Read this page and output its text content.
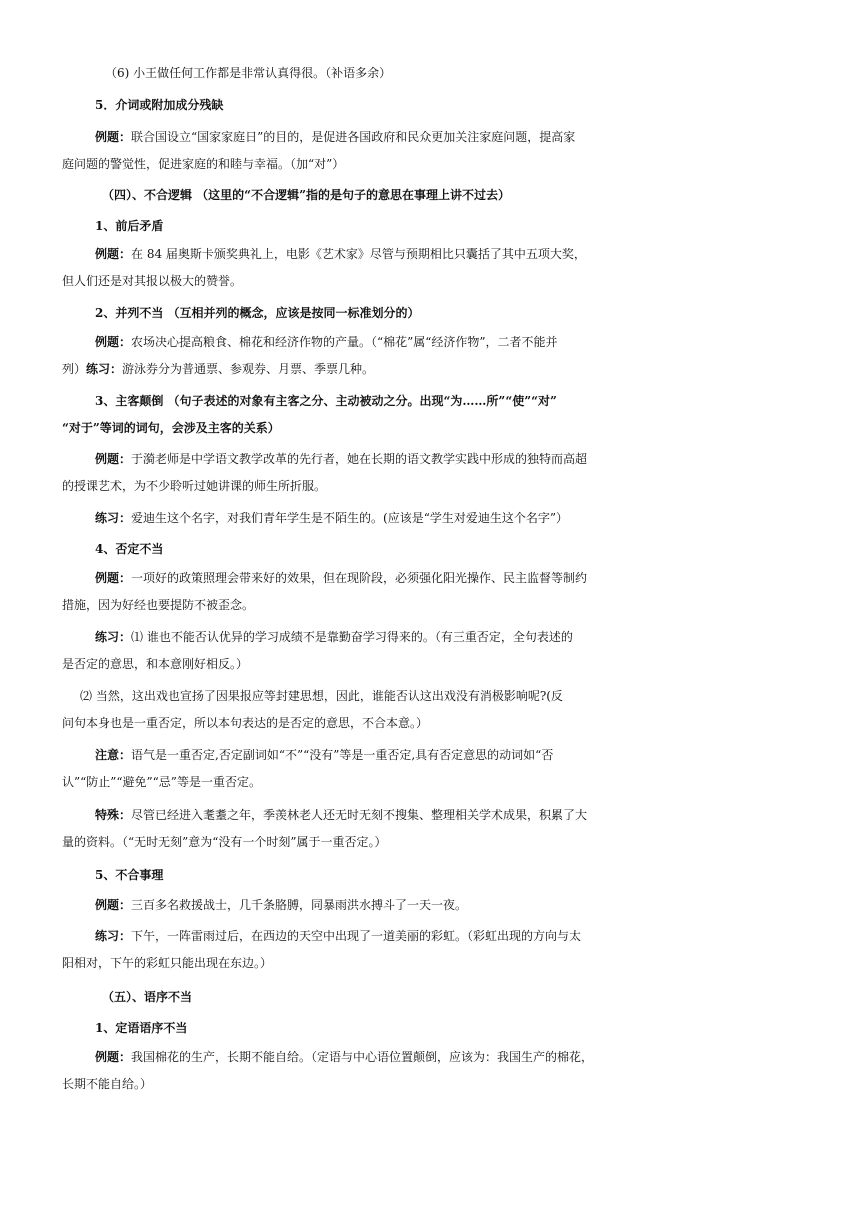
（6) 小王做任何工作都是非常认真得很。（补语多余）
5．介词或附加成分残缺
例题：联合国设立“国家家庭日”的目的，是促进各国政府和民众更加关注家庭问题，提高家
庭问题的警觉性，促进家庭的和睦与幸福。（加“对”）
（四）、不合逻辑 （这里的“不合逻辑”指的是句子的意思在事理上讲不过去）
1、前后矛盾
例题：在 84 届奥斯卡颁奖典礼上，电影《艺术家》尽管与预期相比只囊括了其中五项大奖，
但人们还是对其报以极大的赞誉。
2、并列不当 （互相并列的概念，应该是按同一标准划分的）
例题：农场决心提高粮食、棉花和经济作物的产量。（“棉花”属“经济作物”，二者不能并
列）练习：游泳券分为普通票、参观券、月票、季票几种。
3、主客颠倒 （句子表述的对象有主客之分、主动被动之分。出现“为……所”“使”“对”
“对于”等词的词句，会涉及主客的关系）
例题：于漪老师是中学语文教学改革的先行者，她在长期的语文教学实践中形成的独特而高超
的授课艺术，为不少聆听过她讲课的师生所折服。
练习：爱迪生这个名字，对我们青年学生是不陌生的。(应该是“学生对爱迪生这个名字”）
4、否定不当
例题：一项好的政策照理会带来好的效果，但在现阶段，必须强化阳光操作、民主监督等制约
措施，因为好经也要提防不被歪念。
练习：⑴ 谁也不能否认优异的学习成绩不是靠勤奋学习得来的。（有三重否定，全句表述的
是否定的意思，和本意刚好相反。）
⑵ 当然，这出戏也宣扬了因果报应等封建思想，因此，谁能否认这出戏没有消极影响呢?(反
问句本身也是一重否定，所以本句表达的是否定的意思，不合本意。）
注意：语气是一重否定,否定副词如“不”“没有”等是一重否定,具有否定意思的动词如“否
认”“防止”“避免”“忌”等是一重否定。
特殊：尽管已经进入耄耋之年，季羡林老人还无时无刻不搜集、整理相关学术成果，积累了大
量的资料。（“无时无刻”意为“没有一个时刻”属于一重否定。）
5、不合事理
例题：三百多名救援战士，几千条胳膊，同暴雨洪水搏斗了一天一夜。
练习：下午，一阵雷雨过后，在西边的天空中出现了一道美丽的彩虹。（彩虹出现的方向与太
阳相对，下午的彩虹只能出现在东边。）
（五）、语序不当
1、定语语序不当
例题：我国棉花的生产，长期不能自给。（定语与中心语位置颠倒，应该为：我国生产的棉花，
长期不能自给。）
